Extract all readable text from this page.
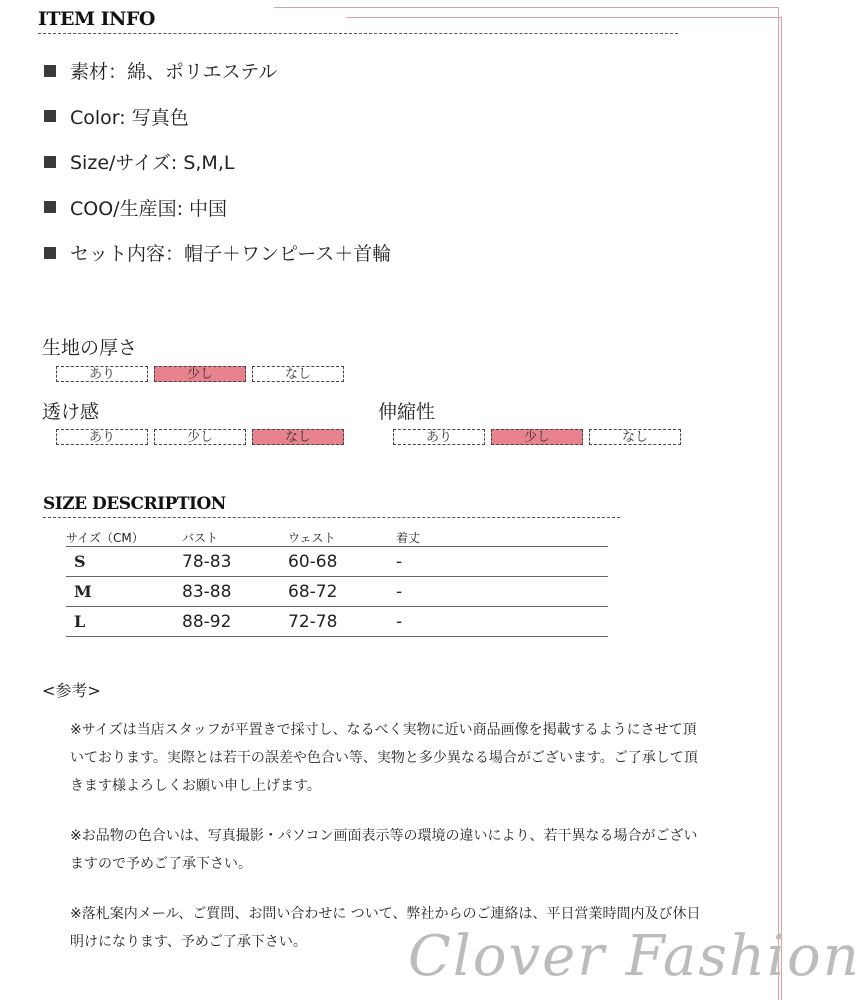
ITEM INFO
素材：綿、ポリエステル
Color: 写真色
Size/サイズ: S,M,L
COO/生産国: 中国
セット内容：帽子＋ワンピース＋首輪
生地の厚さ
あり	少し	なし
透け感
あり	少し	なし
伸縮性
あり	少し	なし
SIZE DESCRIPTION
サイズ（CM）	バスト	ウェスト	着丈
S	78-83	60-68	-
M	83-88	68-72	-
L	88-92	72-78	-
<参考>
※サイズは当店スタッフが平置きで採寸し、なるべく実物に近い商品画像を掲載するようにさせて頂いております。実際とは若干の誤差や色合い等、実物と多少異なる場合がございます。ご了承して頂きます様よろしくお願い申し上げます。
※お品物の色合いは、写真撮影・パソコン画面表示等の環境の違いにより、若干異なる場合がございますので予めご了承下さい。
※落札案内メール、ご質問、お問い合わせに ついて、弊社からのご連絡は、平日営業時間内及び休日明けになります、予めご了承下さい。	Clover Fashion
